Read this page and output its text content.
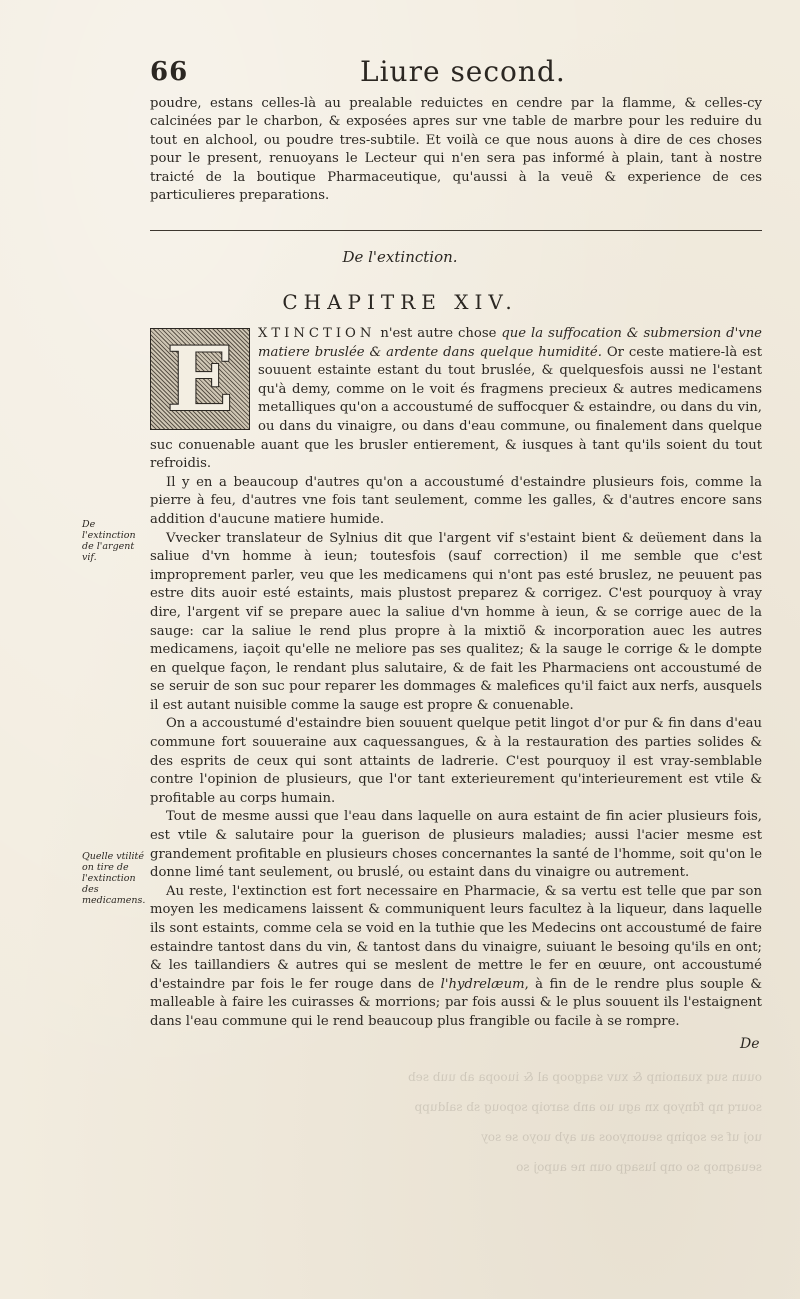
66	Liure second.
poudre, estans celles-là au prealable reduictes en cendre par la flamme, & celles-cy calcinées par le charbon, & exposées apres sur vne table de marbre pour les reduire du tout en alchool, ou poudre tres-subtile. Et voilà ce que nous auons à dire de ces choses pour le present, renuoyans le Lecteur qui n'en sera pas informé à plain, tant à nostre traicté de la boutique Pharmaceutique, qu'aussi à la veuë & experience de ces particulieres preparations.
De l'extinction.
CHAPITRE XIV.

E	XTINCTION n'est autre chose que la suffocation & submersion d'vne matiere bruslée & ardente dans quelque humidité. Or ceste matiere-là est souuent estainte estant du tout bruslée, & quelquesfois aussi ne l'estant qu'à demy, comme on le voit és fragmens precieux & autres medicamens metalliques qu'on a accoustumé de suffocquer & estaindre, ou dans du vin, ou dans du vinaigre, ou dans d'eau commune, ou finalement dans quelque suc conuenable auant que les brusler entierement, & iusques à tant qu'ils soient du tout refroidis.

Il y en a beaucoup d'autres qu'on a accoustumé d'estaindre plusieurs fois, comme la pierre à feu, d'autres vne fois tant seulement, comme les galles, & d'autres encore sans addition d'aucune matiere humide.

Vvecker translateur de Sylnius dit que l'argent vif s'estaint bient & deüement dans la saliue d'vn homme à ieun; toutesfois (sauf correction) il me semble que c'est improprement parler, veu que les medicamens qui n'ont pas esté bruslez, ne peuuent pas estre dits auoir esté estaints, mais plustost preparez & corrigez. C'est pourquoy à vray dire, l'argent vif se prepare auec la saliue d'vn homme à ieun, & se corrige auec de la sauge: car la saliue le rend plus propre à la mixtiõ & incorporation auec les autres medicamens, iaçoit qu'elle ne meliore pas ses qualitez; & la sauge le corrige & le dompte en quelque façon, le rendant plus salutaire, & de fait les Pharmaciens ont accoustumé de se seruir de son suc pour reparer les dommages & malefices qu'il faict aux nerfs, ausquels il est autant nuisible comme la sauge est propre & conuenable.

On a accoustumé d'estaindre bien souuent quelque petit lingot d'or pur & fin dans d'eau commune fort souueraine aux caquessangues, & à la restauration des parties solides & des esprits de ceux qui sont attaints de ladrerie. C'est pourquoy il est vray-semblable contre l'opinion de plusieurs, que l'or tant exterieurement qu'interieurement est vtile & profitable au corps humain.

Tout de mesme aussi que l'eau dans laquelle on aura estaint de fin acier plusieurs fois, est vtile & salutaire pour la guerison de plusieurs maladies; aussi l'acier mesme est grandement profitable en plusieurs choses concernantes la santé de l'homme, soit qu'on le donne limé tant seulement, ou bruslé, ou estaint dans du vinaigre ou autrement.

Au reste, l'extinction est fort necessaire en Pharmacie, & sa vertu est telle que par son moyen les medicamens laissent & communiquent leurs facultez à la liqueur, dans laquelle ils sont estaints, comme cela se void en la tuthie que les Medecins ont accoustumé de faire estaindre tantost dans du vin, & tantost dans du vinaigre, suiuant le besoing qu'ils en ont; & les taillandiers & autres qui se meslent de mettre le fer en œuure, ont accoustumé d'estaindre par fois le fer rouge dans de l'hydrelæum, à fin de le rendre plus souple & malleable à faire les cuirasses & morrions; par fois aussi & le plus souuent ils l'estaignent dans l'eau commune qui le rend beaucoup plus frangible ou facile à se rompre.

De l'extinction de l'argent vif.
Quelle vtilité on tire de l'extinction des medicamens.
De
ouun suq xuanoinp & xuv saqgoop al & iuoopa ab uub seb
sourq np fdnyop xn agu uo anb saroip sopoug sb saldupp
uoj uf se sopinp seuonyoos au ayb uoyo se soy
seuagnop so onp lusaqp oun ne aupoj so
